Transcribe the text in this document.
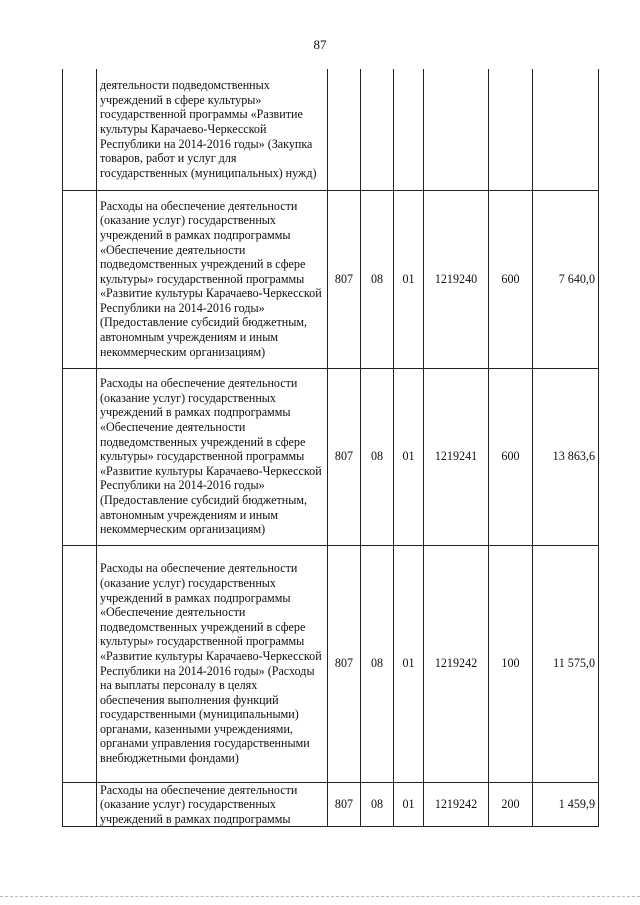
87
	деятельности подведомственных учреждений в сфере культуры» государственной программы «Развитие культуры Карачаево-Черкесской Республики на 2014-2016 годы» (Закупка товаров, работ и услуг для государственных (муниципальных) нужд)						
	Расходы на обеспечение деятельности (оказание услуг) государственных учреждений в рамках подпрограммы «Обеспечение деятельности подведомственных учреждений в сфере культуры» государственной программы «Развитие культуры Карачаево-Черкесской Республики на 2014-2016 годы» (Предоставление субсидий бюджетным, автономным учреждениям и иным некоммерческим организациям)	807	08	01	1219240	600	7 640,0
	Расходы на обеспечение деятельности (оказание услуг) государственных учреждений в рамках подпрограммы «Обеспечение деятельности подведомственных учреждений в сфере культуры» государственной программы «Развитие культуры Карачаево-Черкесской Республики на 2014-2016 годы» (Предоставление субсидий бюджетным, автономным учреждениям и иным некоммерческим организациям)	807	08	01	1219241	600	13 863,6
	Расходы на обеспечение деятельности (оказание услуг) государственных учреждений в рамках подпрограммы «Обеспечение деятельности подведомственных учреждений в сфере культуры» государственной программы «Развитие культуры Карачаево-Черкесской Республики на 2014-2016 годы» (Расходы на выплаты персоналу в целях обеспечения выполнения функций государственными (муниципальными) органами, казенными учреждениями, органами управления государственными внебюджетными фондами)	807	08	01	1219242	100	11 575,0
	Расходы на обеспечение деятельности (оказание услуг) государственных учреждений в рамках подпрограммы	807	08	01	1219242	200	1 459,9
